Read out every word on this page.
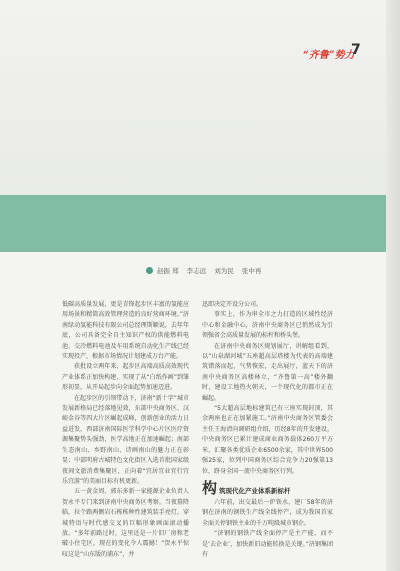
“齐鲁”势力
7
赵振 郑 李志远 刘为民 张中再

低碳高质量发展，更是青锋起步区丰富的氢能应用场景和精简高效管理营造的良好营商环境。”济南绿动氢能科技有限公司总经理斯颖说，去年年底，公司具备完全自主知识产权的供能燃料电池、交冷燃料电池及车用系统自动化生产线已经实现投产，根据市场情况计划建成万台产能。

获批设立两年来，起步区高端高质高效现代产业体系正加快构建，实现了从“白纸作画”到雏形初显，从开局起步向全面起势加速迈进。

在起步区的引领带动下，济南“新十字”城市发展新格局已经落地见效，东部中央商务区、汉峪金谷等四大片区崛起成峰，创新创业的活力日益迸发，西部济南国际医学科学中心片区医疗资源集聚势头强劲，医学高地正在加速崛起；南部生态南山、乡野南山、诗画南山的魅力正在彰显；中部明府古城特色文化街区入选首批国家级夜间文旅消费集聚区，正向着“宜居宜业宜行宜乐宜游”的美丽目标有机更新。

五一黄金周，郭东多新一家能源企业负责人贺永平专门来到济南中央商务区考察。当夜幕降临，拉个路两侧岩石栋栋种性建筑装手亮灯，穿城特语与时代感交叉的巨幅形象画面滚动播放。“多年前路过时，这里还是一片旧厂房和老破小住宅区，现在的变化令人震撼！”贺永平惊叹这是“山东版的浦东”，并

迅即决定开设分公司。

事实上，作为串全市之力打造的区域性经济中心和金融中心，济南中央商务区已悄然成为引领强省会高质量发展的标杆和桥头堡。

在济南中央商务区规划展厅，讲解组看到，以“山泉湖河城”五座超高层塔楼为代表的高端建筑错落而起，气势恢宏，走出展厅，蓝天下的济南中央商务区高楼林立，“齐鲁第一高”楼外翻时，建设工地热火朝天，一个现代化的都市正在崛起。

“5大超高层地标建筑已有三座实现封顶，其余两座也正在加紧施工。”济南中央商务区管委会主任王海清向调研组介绍，历经8年的开发建设，中央商务区已累计建成商业商务载体260万平方米，汇聚各类优质企业6500余家，其中世界500强25家，位列中国商务区综合竞争力20强第13位，跻身全国一流中央商务区行列。

构 筑现代化产业体系新标杆

六年前，出交最后一炉铁水，建厂58年的济钢在济南的钢铁生产线全线停产，成为我国首家全面关停钢铁主业的千万吨级城市钢企。

“济钢的钢铁产线全面停产是主产能，而不是‘去企业’，加快新旧动能转换是关键。”济钢集团有
